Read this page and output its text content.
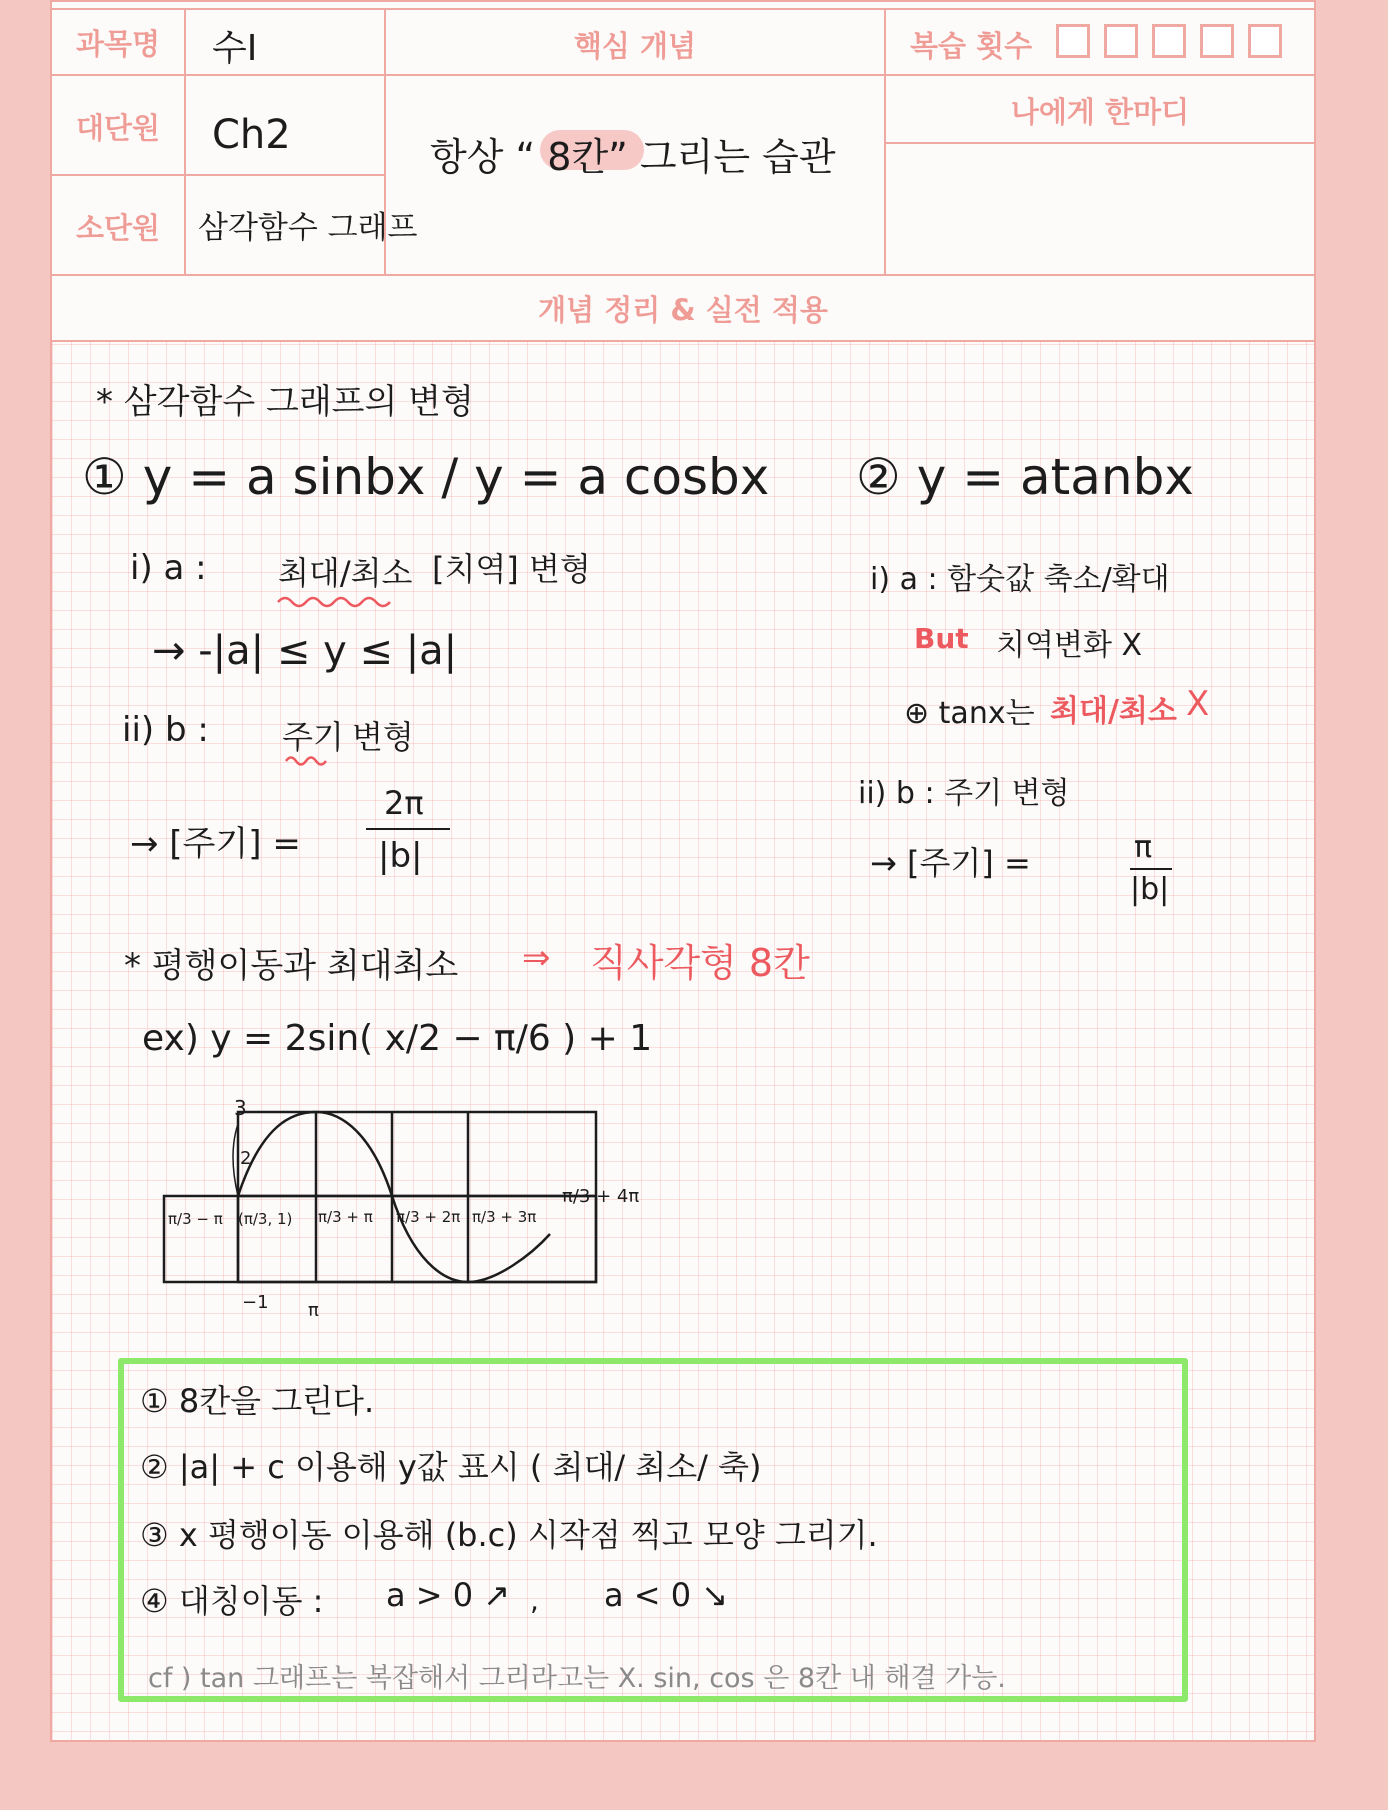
과목명	수Ⅰ
대단원	Ch2
소단원	삼각함수 그래프
핵심 개념
항상 “ 8칸” 그리는 습관
복습 횟수
나에게 한마디
개념 정리 & 실전 적용
* 삼각함수 그래프의 변형
① y = a sinbx / y = a cosbx ② y = atanbx
i) a : 최대/최소 [치역] 변형
→ -|a| ≤ y ≤ |a|
ii) b : 주기 변형
→ [주기] =
2π
|b|
i) a : 함숫값 축소/확대
But 치역변화 X
⊕ tanx는 최대/최소 X
ii) b : 주기 변형
→ [주기] =	π
|b|
* 평행이동과 최대최소 ⇒ 직사각형 8칸
ex) y = 2sin( x/2 − π/6 ) + 1
3
2
π/3 − π (π/3, 1) π/3 + π π/3 + 2π π/3 + 3π
π/3 + 4π
−1 π
① 8칸을 그린다.
② |a| + c 이용해 y값 표시 ( 최대/ 최소/ 축)
③ x 평행이동 이용해 (b.c) 시작점 찍고 모양 그리기.
④ 대칭이동 : a > 0 ↗ , a < 0 ↘
cf ) tan 그래프는 복잡해서 그리라고는 X. sin, cos 은 8칸 내 해결 가능.
